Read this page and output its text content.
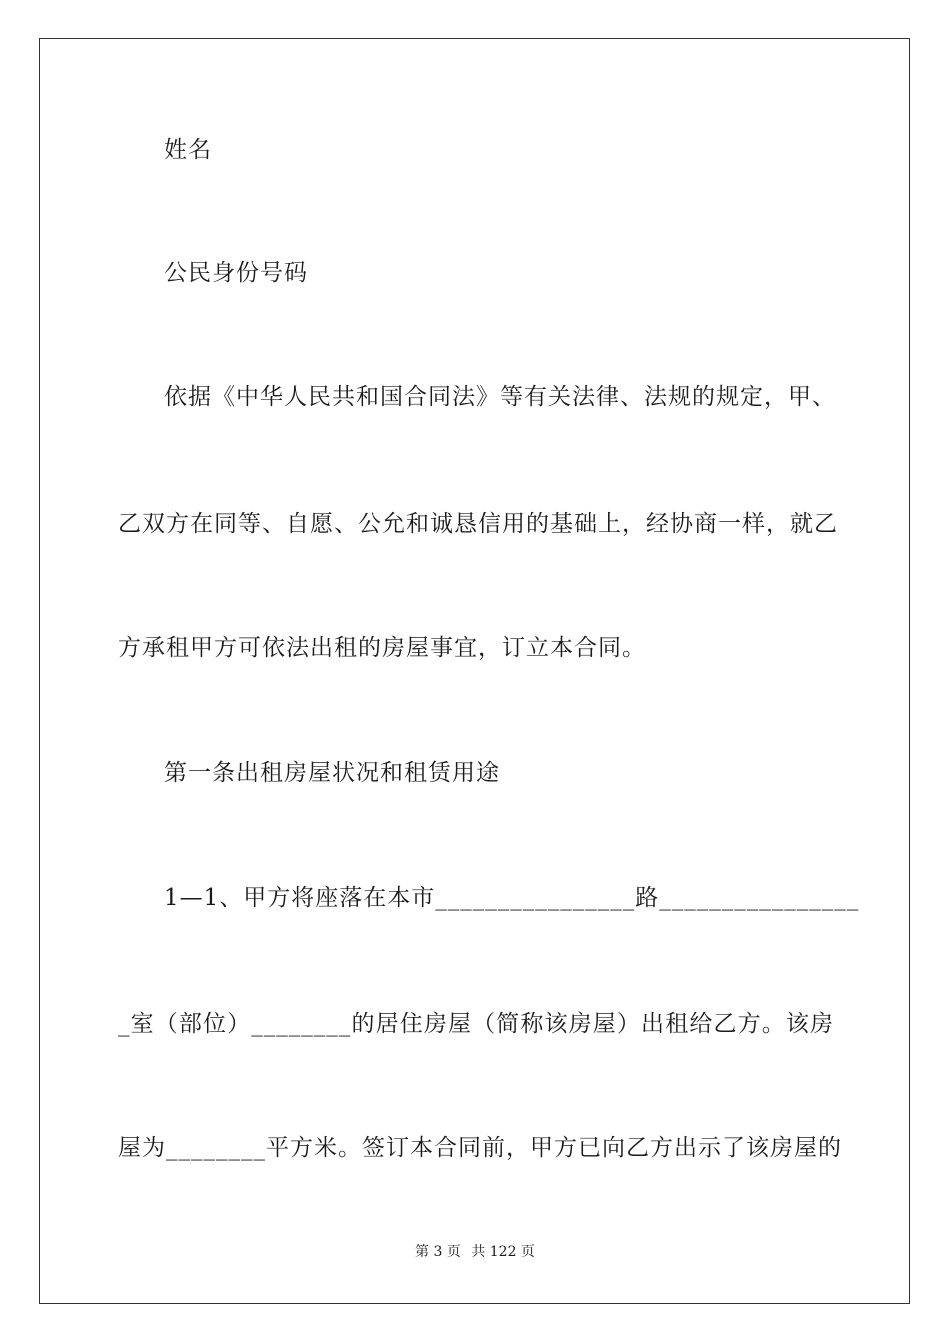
姓名
公民身份号码
依据《中华人民共和国合同法》等有关法律、法规的规定，甲、
乙双方在同等、自愿、公允和诚恳信用的基础上，经协商一样，就乙
方承租甲方可依法出租的房屋事宜，订立本合同。
第一条出租房屋状况和租赁用途
1—1、甲方将座落在本市________________路________________
_室（部位）________的居住房屋（简称该房屋）出租给乙方。该房
屋为________平方米。签订本合同前，甲方已向乙方出示了该房屋的
第 3 页 共 122 页
